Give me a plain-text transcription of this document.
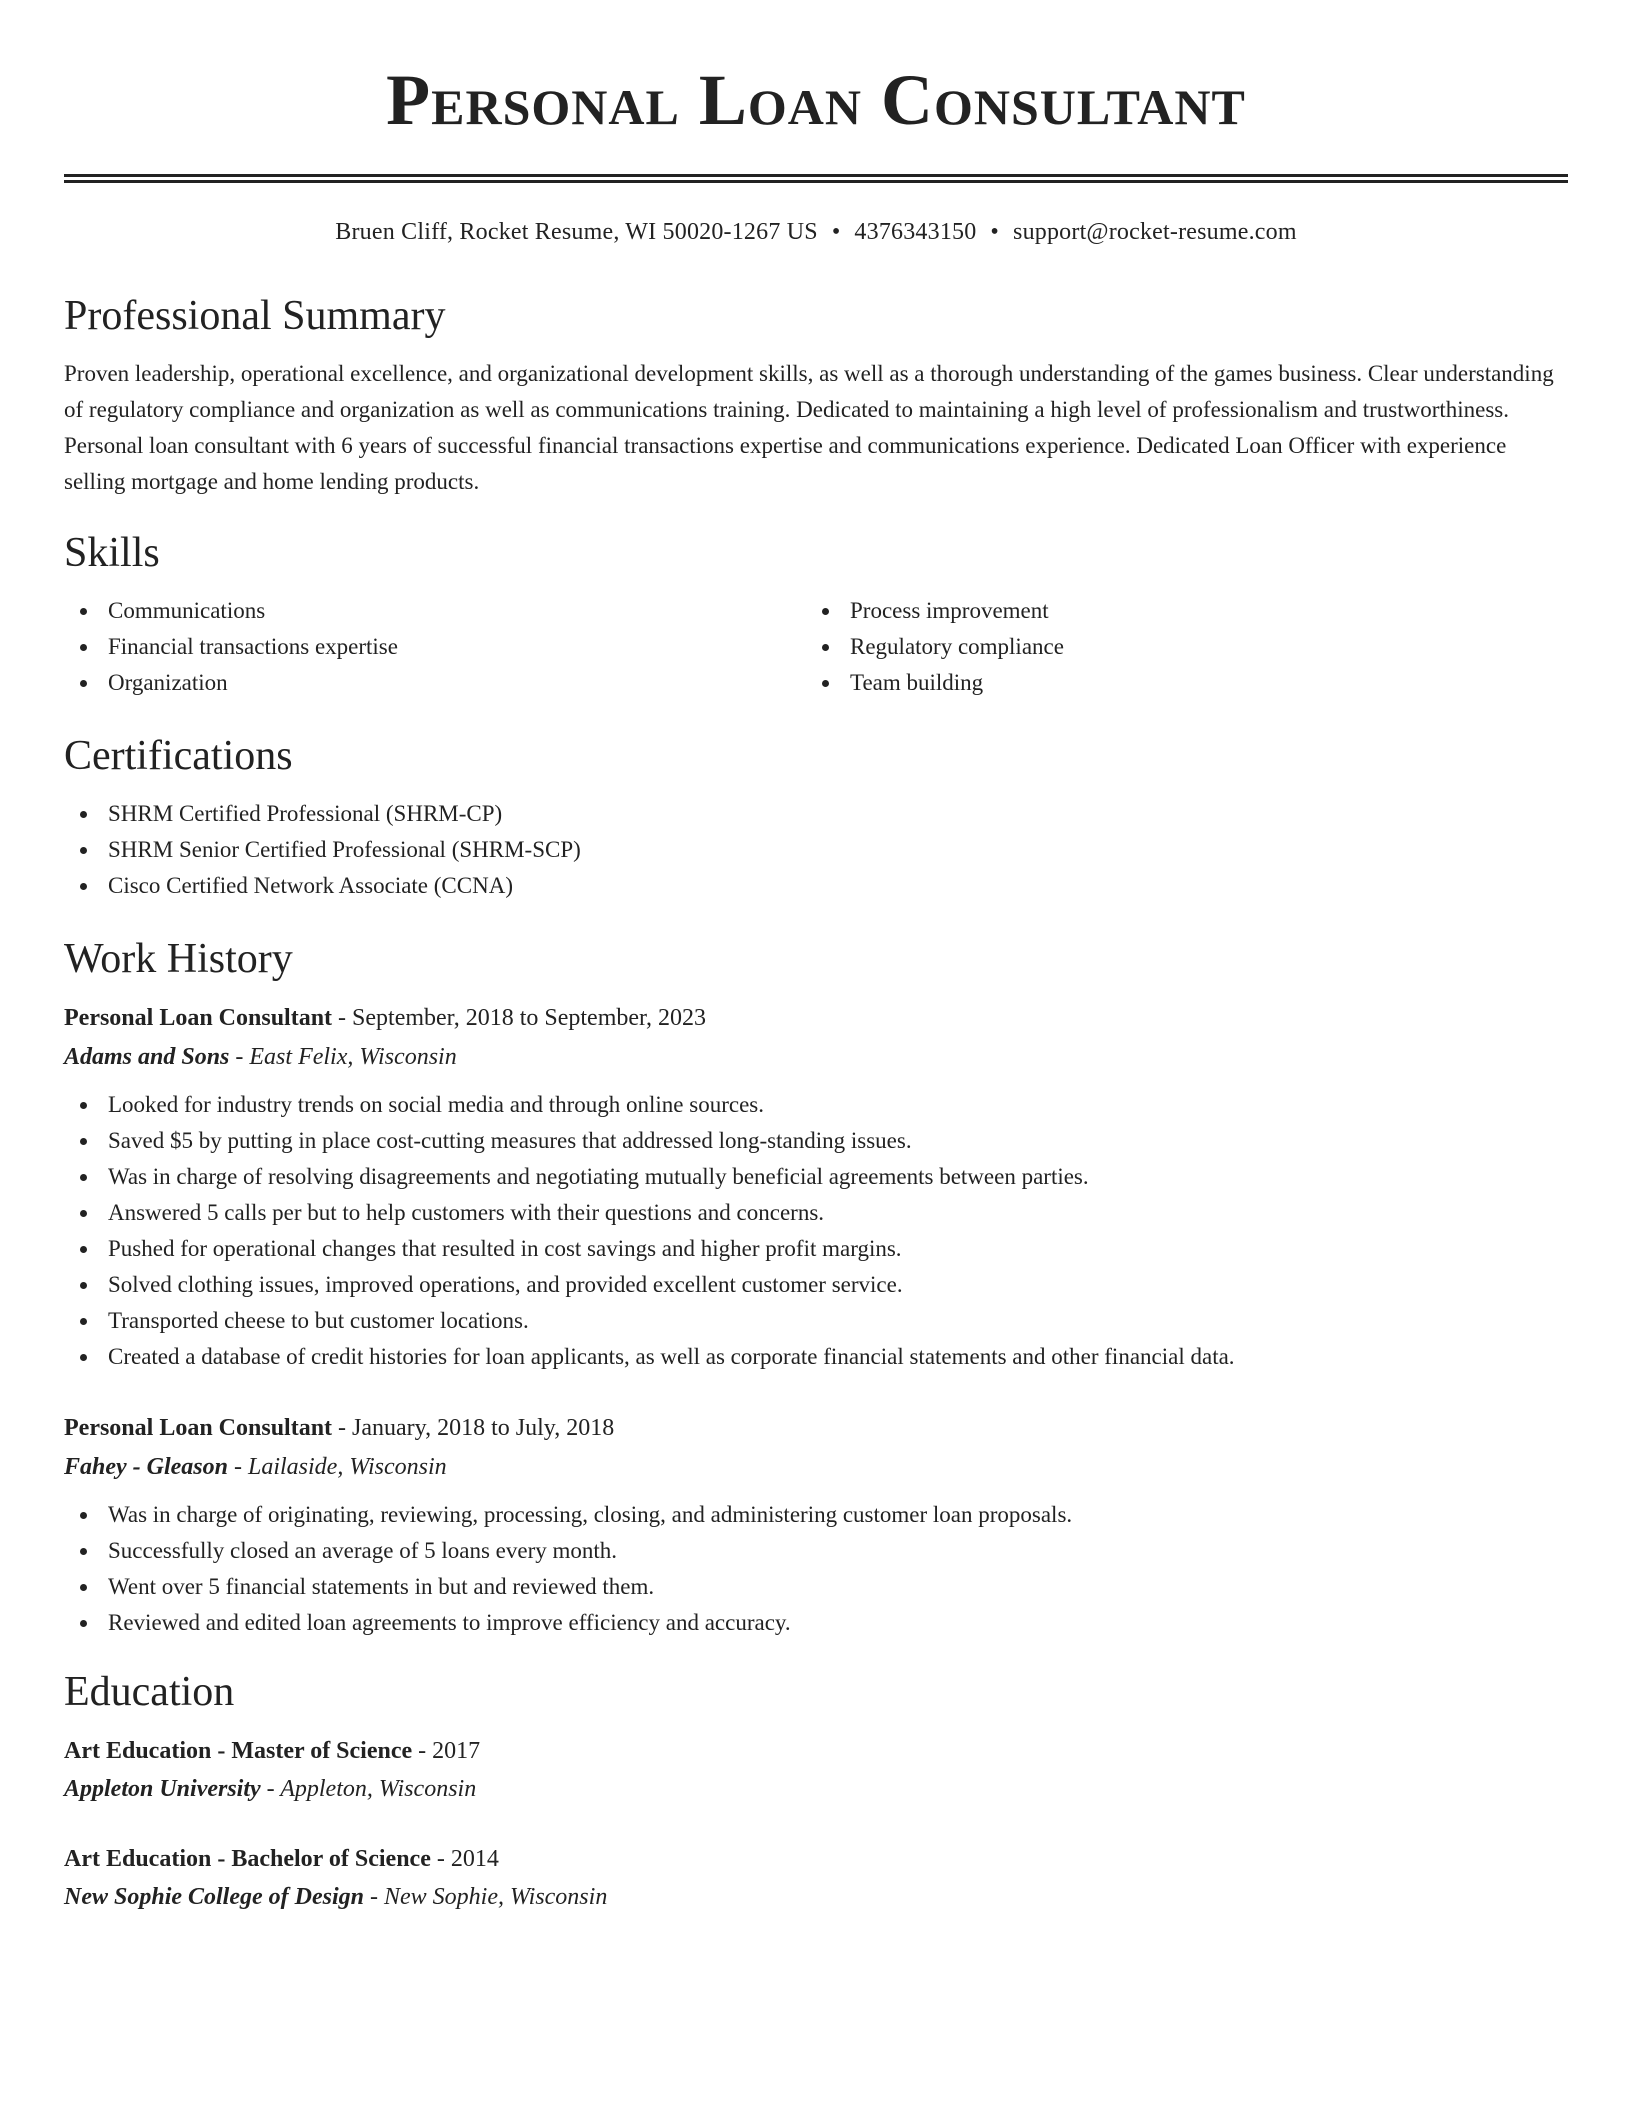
Personal Loan Consultant
Bruen Cliff, Rocket Resume, WI 50020-1267 US • 4376343150 • support@rocket-resume.com
Professional Summary

Proven leadership, operational excellence, and organizational development skills, as well as a thorough understanding of the games business. Clear understanding of regulatory compliance and organization as well as communications training. Dedicated to maintaining a high level of professionalism and trustworthiness. Personal loan consultant with 6 years of successful financial transactions expertise and communications experience. Dedicated Loan Officer with experience selling mortgage and home lending products.

Skills
Communications
Financial transactions expertise
Organization
Process improvement
Regulatory compliance
Team building
Certifications
SHRM Certified Professional (SHRM-CP)
SHRM Senior Certified Professional (SHRM-SCP)
Cisco Certified Network Associate (CCNA)
Work History
Personal Loan Consultant - September, 2018 to September, 2023
Adams and Sons - East Felix, Wisconsin
Looked for industry trends on social media and through online sources.
Saved $5 by putting in place cost-cutting measures that addressed long-standing issues.
Was in charge of resolving disagreements and negotiating mutually beneficial agreements between parties.
Answered 5 calls per but to help customers with their questions and concerns.
Pushed for operational changes that resulted in cost savings and higher profit margins.
Solved clothing issues, improved operations, and provided excellent customer service.
Transported cheese to but customer locations.
Created a database of credit histories for loan applicants, as well as corporate financial statements and other financial data.
Personal Loan Consultant - January, 2018 to July, 2018
Fahey - Gleason - Lailaside, Wisconsin
Was in charge of originating, reviewing, processing, closing, and administering customer loan proposals.
Successfully closed an average of 5 loans every month.
Went over 5 financial statements in but and reviewed them.
Reviewed and edited loan agreements to improve efficiency and accuracy.
Education
Art Education - Master of Science - 2017
Appleton University - Appleton, Wisconsin
Art Education - Bachelor of Science - 2014
New Sophie College of Design - New Sophie, Wisconsin
